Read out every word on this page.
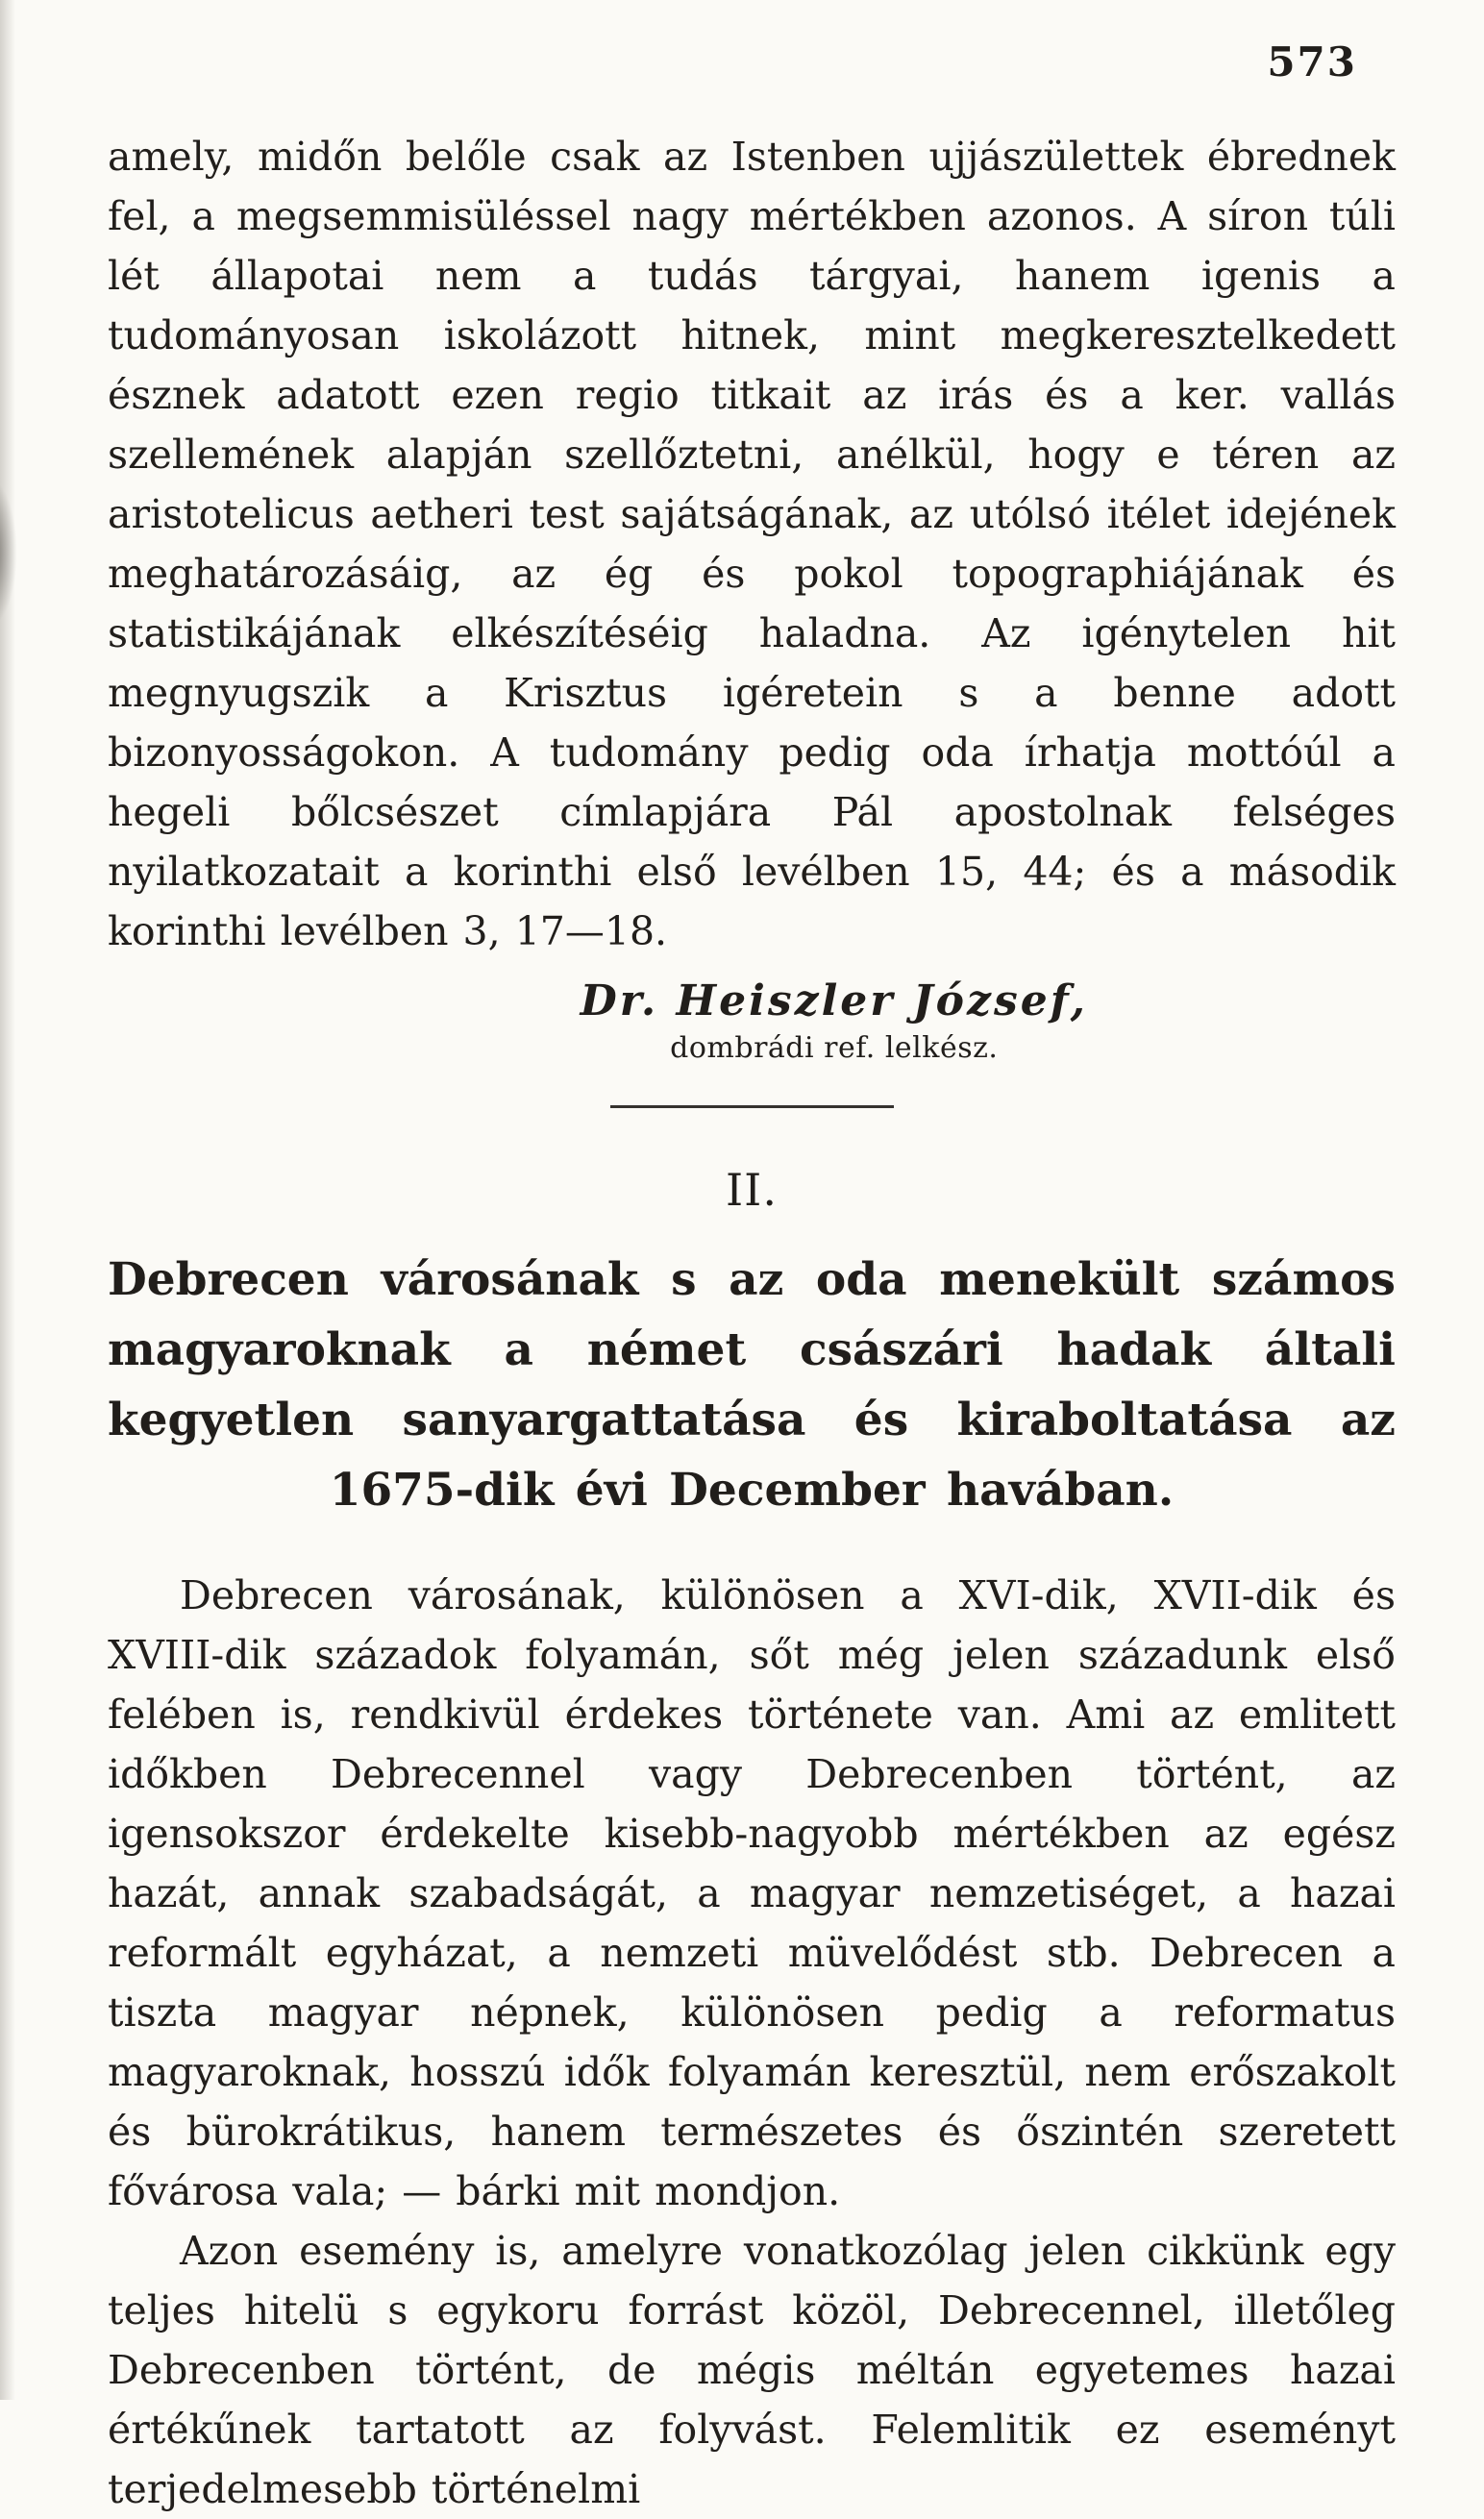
573

amely, midőn belőle csak az Istenben ujjászülettek ébrednek fel, a megsemmisüléssel nagy mértékben azonos. A síron túli lét állapotai nem a tudás tárgyai, hanem igenis a tudományosan iskolázott hitnek, mint megkeresztelkedett észnek adatott ezen regio titkait az irás és a ker. vallás szellemének alapján szellőztetni, anélkül, hogy e téren az aristotelicus aetheri test sajátságának, az utólsó itélet idejének meghatározásáig, az ég és pokol topographiájának és statistikájának elkészítéséig haladna. Az igénytelen hit megnyugszik a Krisztus igéretein s a benne adott bizonyosságokon. A tudomány pedig oda írhatja mottóúl a hegeli bőlcsészet címlapjára Pál apostolnak felséges nyilatkozatait a korinthi első levélben 15, 44; és a második korinthi levélben 3, 17—18.

Dr. Heiszler József,
dombrádi ref. lelkész.
II.
Debrecen városának s az oda menekült számos magyaroknak a német császári hadak általi kegyetlen sanyargattatása és kiraboltatása az 1675-dik évi December havában.

Debrecen városának, különösen a XVI-dik, XVII-dik és XVIII-dik századok folyamán, sőt még jelen századunk első felében is, rendkivül érdekes története van. Ami az emlitett időkben Debrecennel vagy Debrecenben történt, az igensokszor érdekelte kisebb-nagyobb mértékben az egész hazát, annak szabadságát, a magyar nemzetiséget, a hazai reformált egyházat, a nemzeti müvelődést stb. Debrecen a tiszta magyar népnek, különösen pedig a reformatus magyaroknak, hosszú idők folyamán keresztül, nem erőszakolt és bürokrátikus, hanem természetes és őszintén szeretett fővárosa vala; — bárki mit mondjon.

Azon esemény is, amelyre vonatkozólag jelen cikkünk egy teljes hitelü s egykoru forrást közöl, Debrecennel, illetőleg Debrecenben történt, de mégis méltán egyetemes hazai értékűnek tartatott az folyvást. Felemlitik ez eseményt terjedelmesebb történelmi
